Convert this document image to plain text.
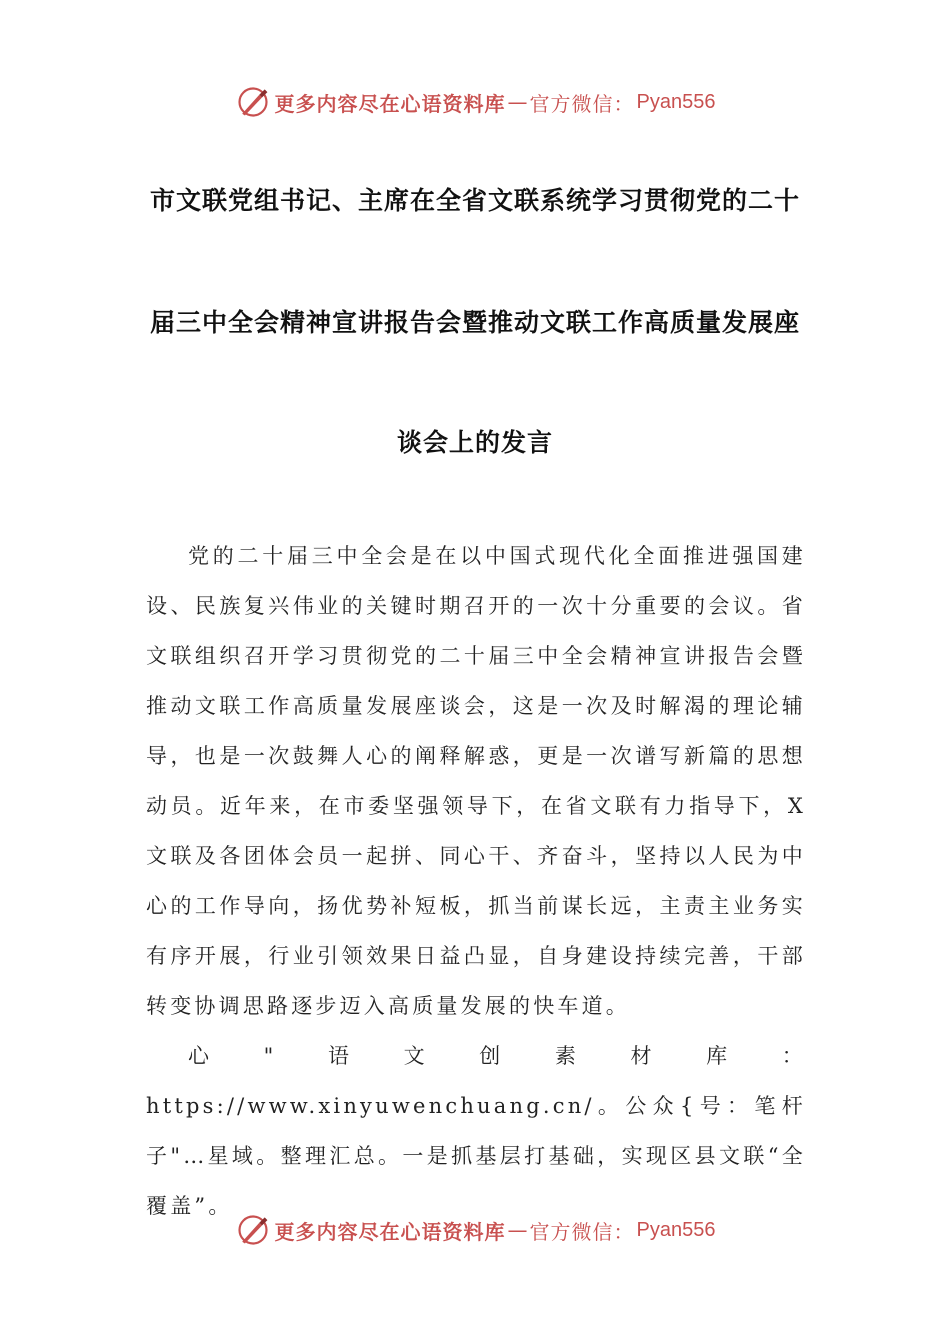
更多内容尽在心语资料库 — 官方微信： Pyan556
市文联党组书记、主席在全省文联系统学习贯彻党的二十
届三中全会精神宣讲报告会暨推动文联工作高质量发展座
谈会上的发言

党的二十届三中全会是在以中国式现代化全面推进强国建设、民族复兴伟业的关键时期召开的一次十分重要的会议。省文联组织召开学习贯彻党的二十届三中全会精神宣讲报告会暨推动文联工作高质量发展座谈会，这是一次及时解渴的理论辅导，也是一次鼓舞人心的阐释解惑，更是一次谱写新篇的思想动员。近年来，在市委坚强领导下，在省文联有力指导下，X文联及各团体会员一起拼、同心干、齐奋斗，坚持以人民为中心的工作导向，扬优势补短板，抓当前谋长远，主责主业务实有序开展，行业引领效果日益凸显，自身建设持续完善，干部转变协调思路逐步迈入高质量发展的快车道。

心"语文创素材库：https://www.xinyuwenchuang.cn/。公众{号：笔杆子"…星域。整理汇总。一是抓基层打基础，实现区县文联“全覆盖”。

更多内容尽在心语资料库 — 官方微信： Pyan556
